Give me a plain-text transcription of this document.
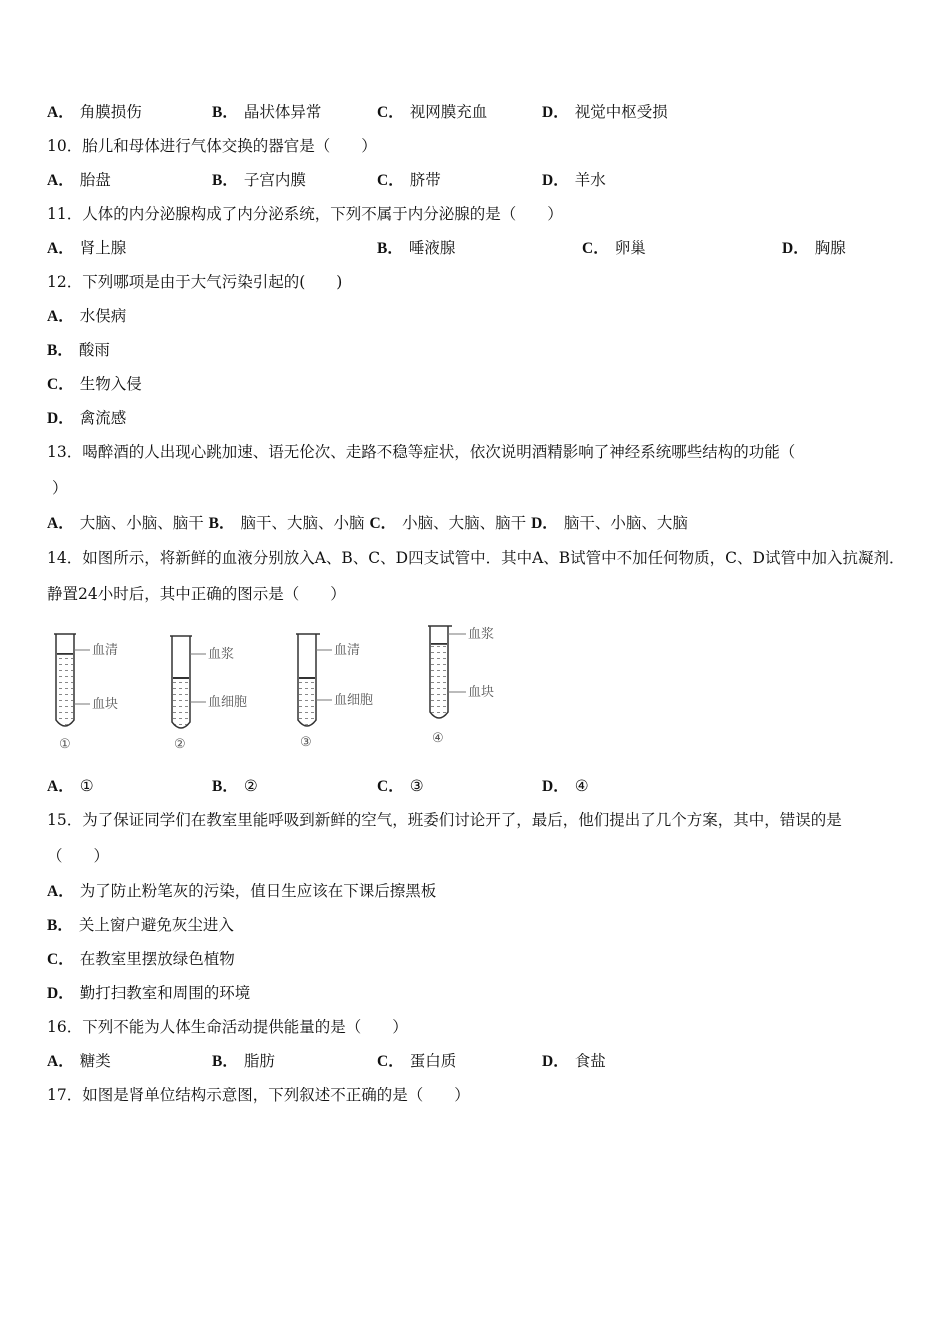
A． 角膜损伤	B． 晶状体异常	C． 视网膜充血	D． 视觉中枢受损
10．胎儿和母体进行气体交换的器官是（　　）
A． 胎盘	B． 子宫内膜	C． 脐带	D． 羊水
11．人体的内分泌腺构成了内分泌系统，下列不属于内分泌腺的是（　　）
A． 肾上腺	B． 唾液腺	C． 卵巢	D． 胸腺
12．下列哪项是由于大气污染引起的(　　)
A． 水俣病
B． 酸雨
C． 生物入侵
D． 禽流感
13．喝醉酒的人出现心跳加速、语无伦次、走路不稳等症状，依次说明酒精影响了神经系统哪些结构的功能（
）
A． 大脑、小脑、脑干 B． 脑干、大脑、小脑 C． 小脑、大脑、脑干 D． 脑干、小脑、大脑
14．如图所示，将新鲜的血液分别放入A、B、C、D四支试管中．其中A、B试管中不加任何物质，C、D试管中加入抗凝剂．
静置24小时后，其中正确的图示是（　　）
血清
血块
①
血浆
血细胞
②
血清
血细胞
③
血浆
血块
④
A． ①	B． ②	C． ③	D． ④
15．为了保证同学们在教室里能呼吸到新鲜的空气，班委们讨论开了，最后，他们提出了几个方案，其中，错误的是
（　　）
A． 为了防止粉笔灰的污染，值日生应该在下课后擦黑板
B． 关上窗户避免灰尘进入
C． 在教室里摆放绿色植物
D． 勤打扫教室和周围的环境
16．下列不能为人体生命活动提供能量的是（　　）
A． 糖类	B． 脂肪	C． 蛋白质	D． 食盐
17．如图是肾单位结构示意图，下列叙述不正确的是（　　）
